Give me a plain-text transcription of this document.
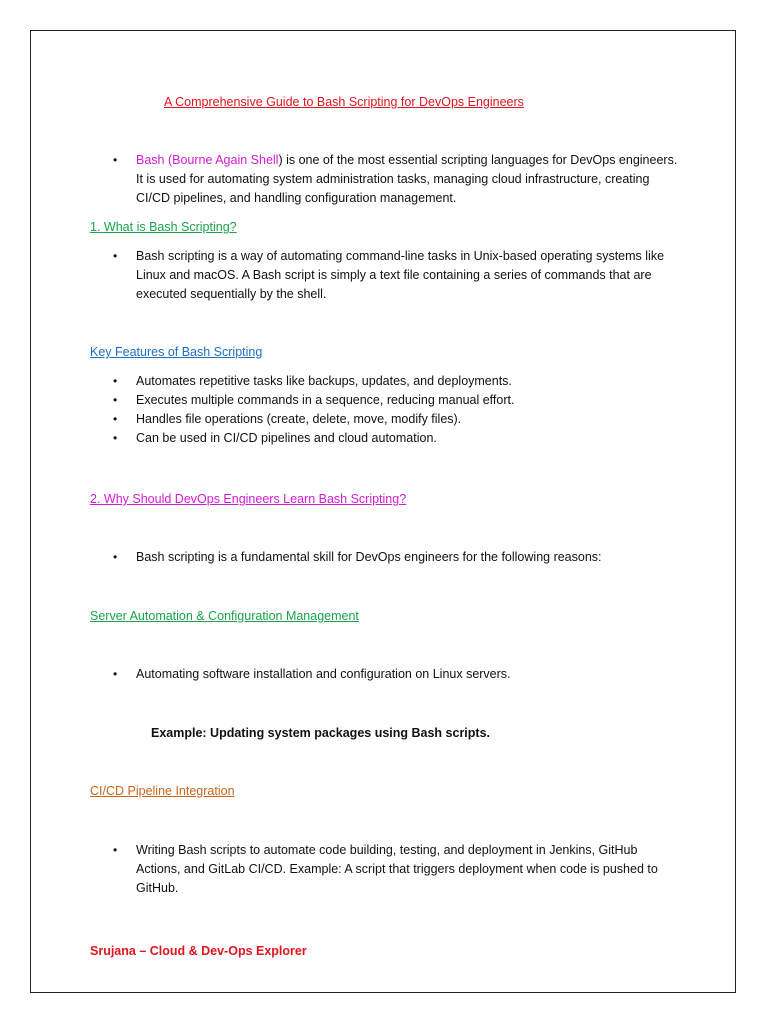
A Comprehensive Guide to Bash Scripting for DevOps Engineers
• Bash (Bourne Again Shell) is one of the most essential scripting languages for DevOps engineers.
It is used for automating system administration tasks, managing cloud infrastructure, creating
CI/CD pipelines, and handling configuration management.
1. What is Bash Scripting?
• Bash scripting is a way of automating command-line tasks in Unix-based operating systems like
Linux and macOS. A Bash script is simply a text file containing a series of commands that are
executed sequentially by the shell.
Key Features of Bash Scripting
• Automates repetitive tasks like backups, updates, and deployments.
• Executes multiple commands in a sequence, reducing manual effort.
• Handles file operations (create, delete, move, modify files).
• Can be used in CI/CD pipelines and cloud automation.
2. Why Should DevOps Engineers Learn Bash Scripting?
• Bash scripting is a fundamental skill for DevOps engineers for the following reasons:
Server Automation & Configuration Management
• Automating software installation and configuration on Linux servers.
Example: Updating system packages using Bash scripts.
CI/CD Pipeline Integration
• Writing Bash scripts to automate code building, testing, and deployment in Jenkins, GitHub
Actions, and GitLab CI/CD. Example: A script that triggers deployment when code is pushed to
GitHub.
Srujana – Cloud & Dev-Ops Explorer
